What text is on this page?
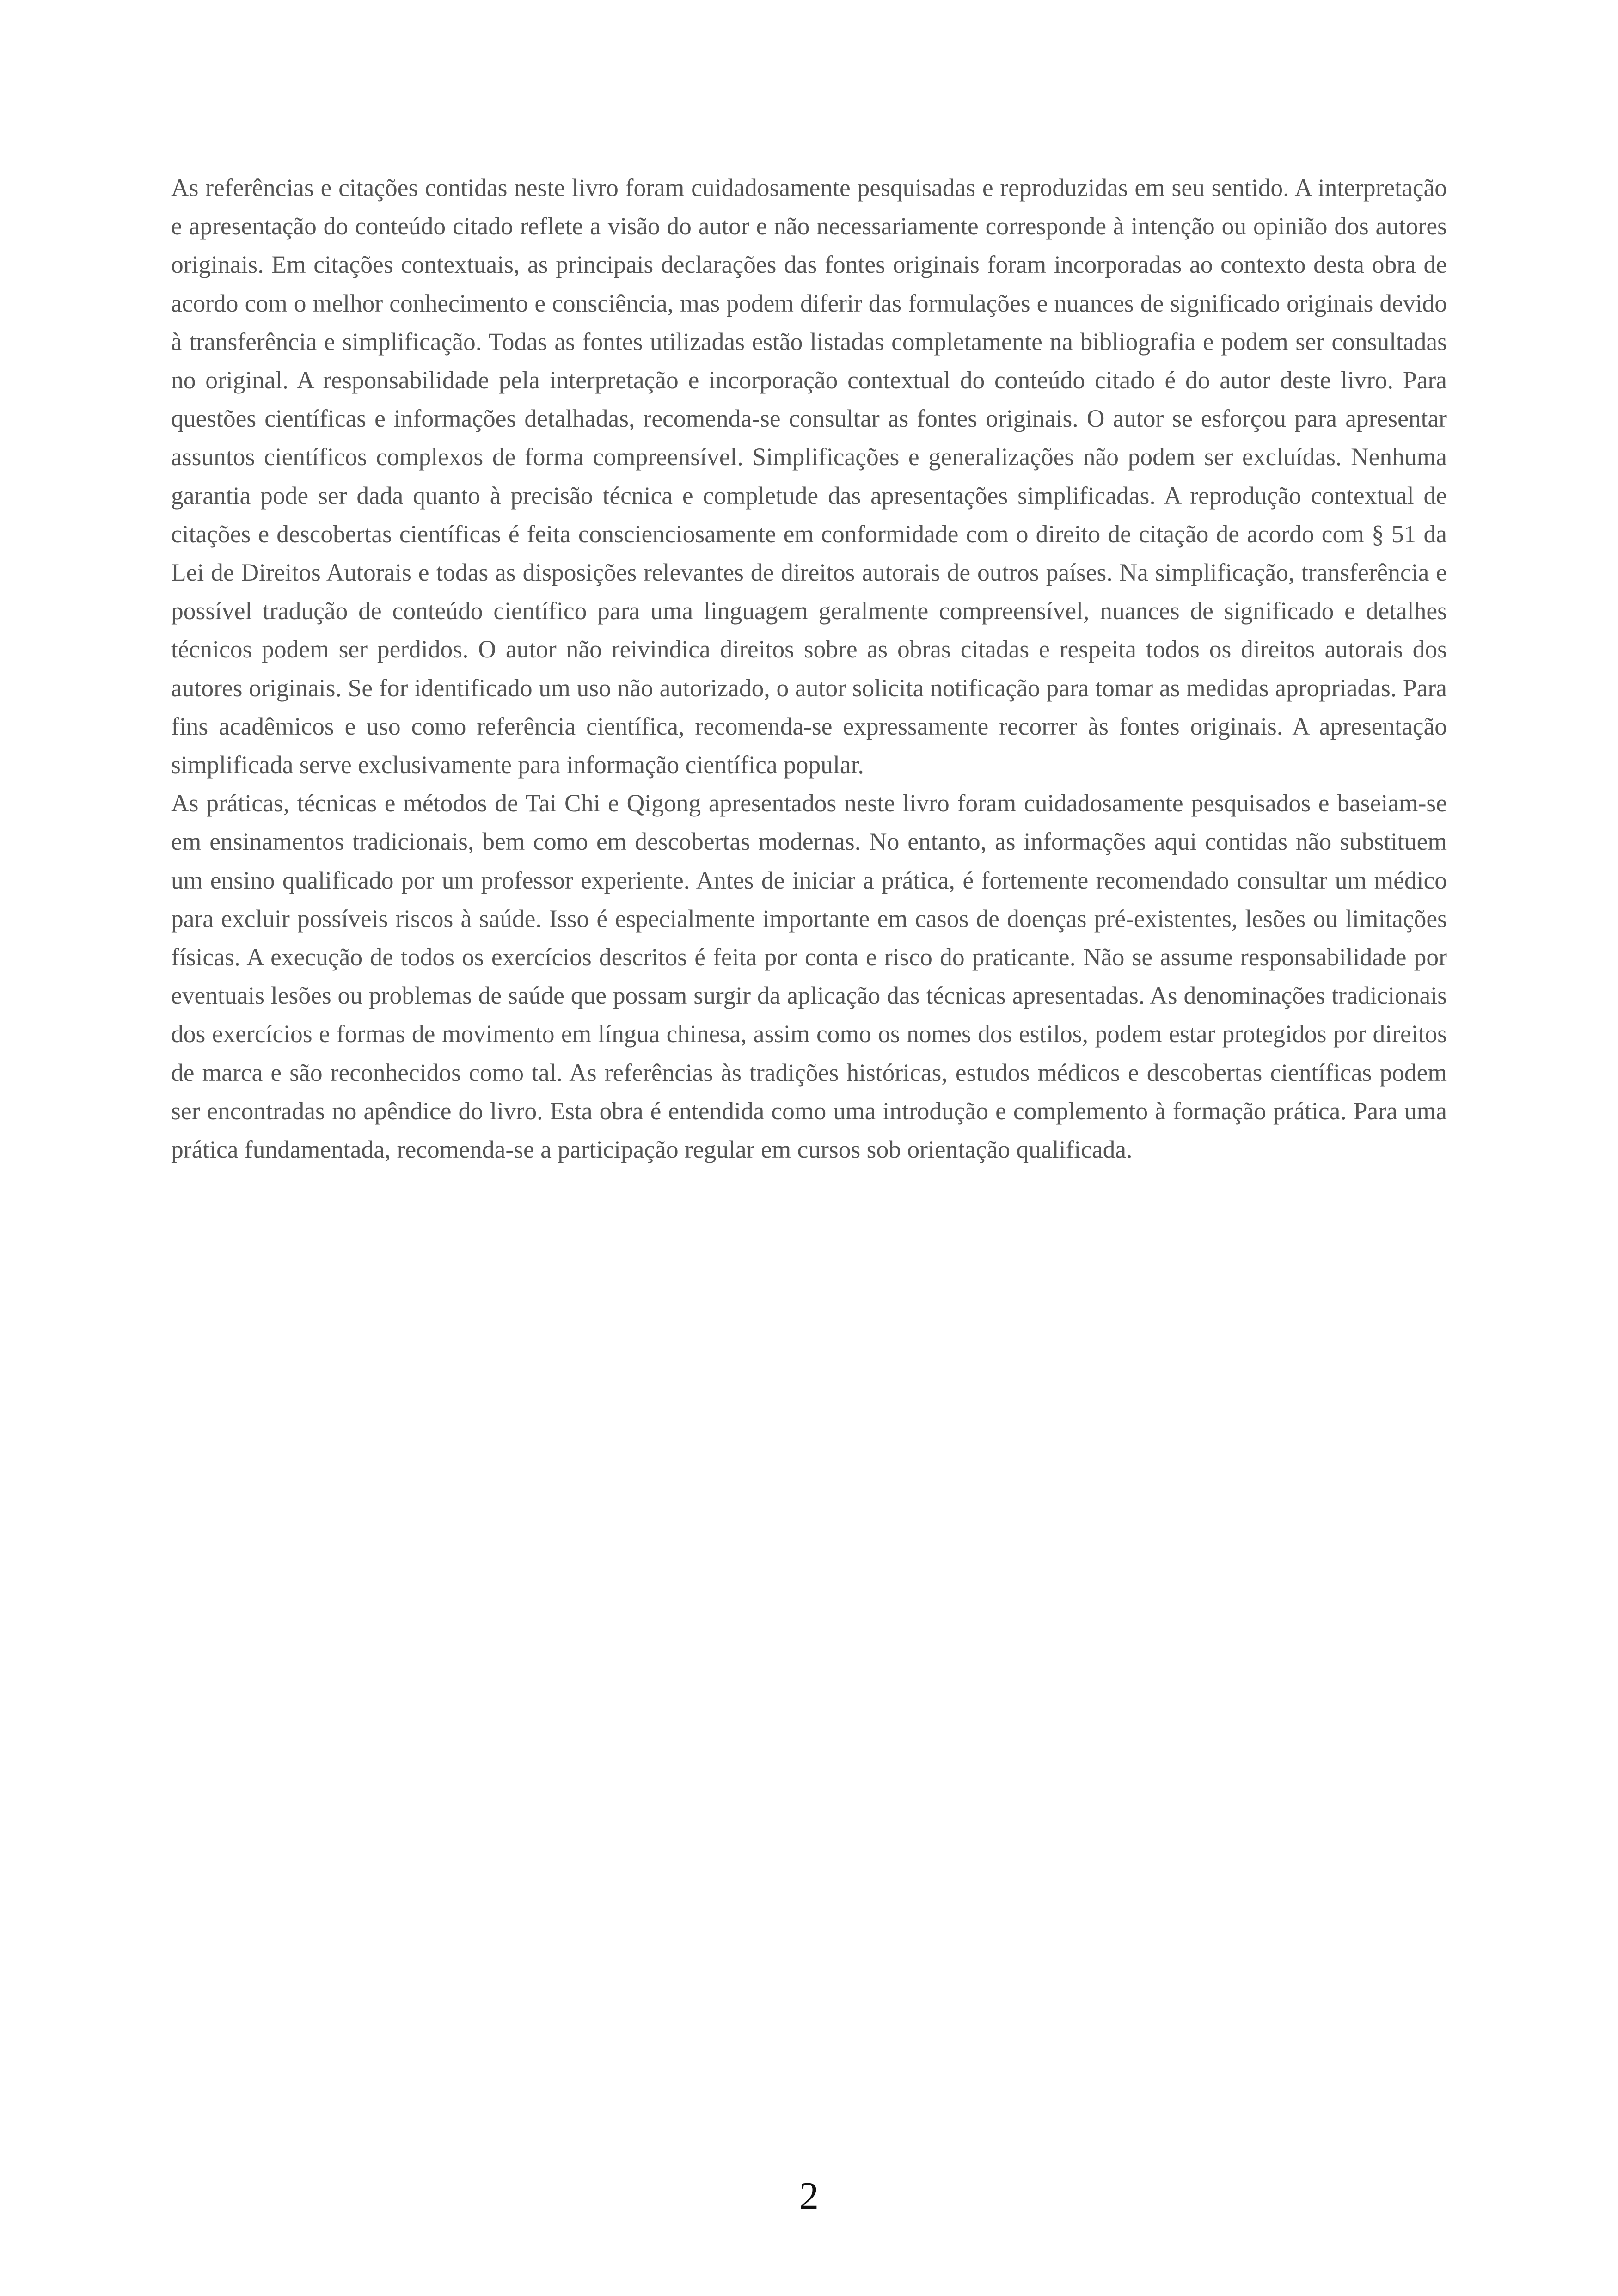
As referências e citações contidas neste livro foram cuidadosamente pesquisadas e reproduzidas em seu sentido. A interpretação e apresentação do conteúdo citado reflete a visão do autor e não necessariamente corresponde à intenção ou opinião dos autores originais. Em citações contextuais, as principais declarações das fontes originais foram incorporadas ao contexto desta obra de acordo com o melhor conhecimento e consciência, mas podem diferir das formulações e nuances de significado originais devido à transferência e simplificação. Todas as fontes utilizadas estão listadas completamente na bibliografia e podem ser consultadas no original. A responsabilidade pela interpretação e incorporação contextual do conteúdo citado é do autor deste livro. Para questões científicas e informações detalhadas, recomenda-se consultar as fontes originais. O autor se esforçou para apresentar assuntos científicos complexos de forma compreensível. Simplificações e generalizações não podem ser excluídas. Nenhuma garantia pode ser dada quanto à precisão técnica e completude das apresentações simplificadas. A reprodução contextual de citações e descobertas científicas é feita conscienciosamente em conformidade com o direito de citação de acordo com § 51 da Lei de Direitos Autorais e todas as disposições relevantes de direitos autorais de outros países. Na simplificação, transferência e possível tradução de conteúdo científico para uma linguagem geralmente compreensível, nuances de significado e detalhes técnicos podem ser perdidos. O autor não reivindica direitos sobre as obras citadas e respeita todos os direitos autorais dos autores originais. Se for identificado um uso não autorizado, o autor solicita notificação para tomar as medidas apropriadas. Para fins acadêmicos e uso como referência científica, recomenda-se expressamente recorrer às fontes originais. A apresentação simplificada serve exclusivamente para informação científica popular.

As práticas, técnicas e métodos de Tai Chi e Qigong apresentados neste livro foram cuidadosamente pesquisados e baseiam-se em ensinamentos tradicionais, bem como em descobertas modernas. No entanto, as informações aqui contidas não substituem um ensino qualificado por um professor experiente. Antes de iniciar a prática, é fortemente recomendado consultar um médico para excluir possíveis riscos à saúde. Isso é especialmente importante em casos de doenças pré-existentes, lesões ou limitações físicas. A execução de todos os exercícios descritos é feita por conta e risco do praticante. Não se assume responsabilidade por eventuais lesões ou problemas de saúde que possam surgir da aplicação das técnicas apresentadas. As denominações tradicionais dos exercícios e formas de movimento em língua chinesa, assim como os nomes dos estilos, podem estar protegidos por direitos de marca e são reconhecidos como tal. As referências às tradições históricas, estudos médicos e descobertas científicas podem ser encontradas no apêndice do livro. Esta obra é entendida como uma introdução e complemento à formação prática. Para uma prática fundamentada, recomenda-se a participação regular em cursos sob orientação qualificada.

2
